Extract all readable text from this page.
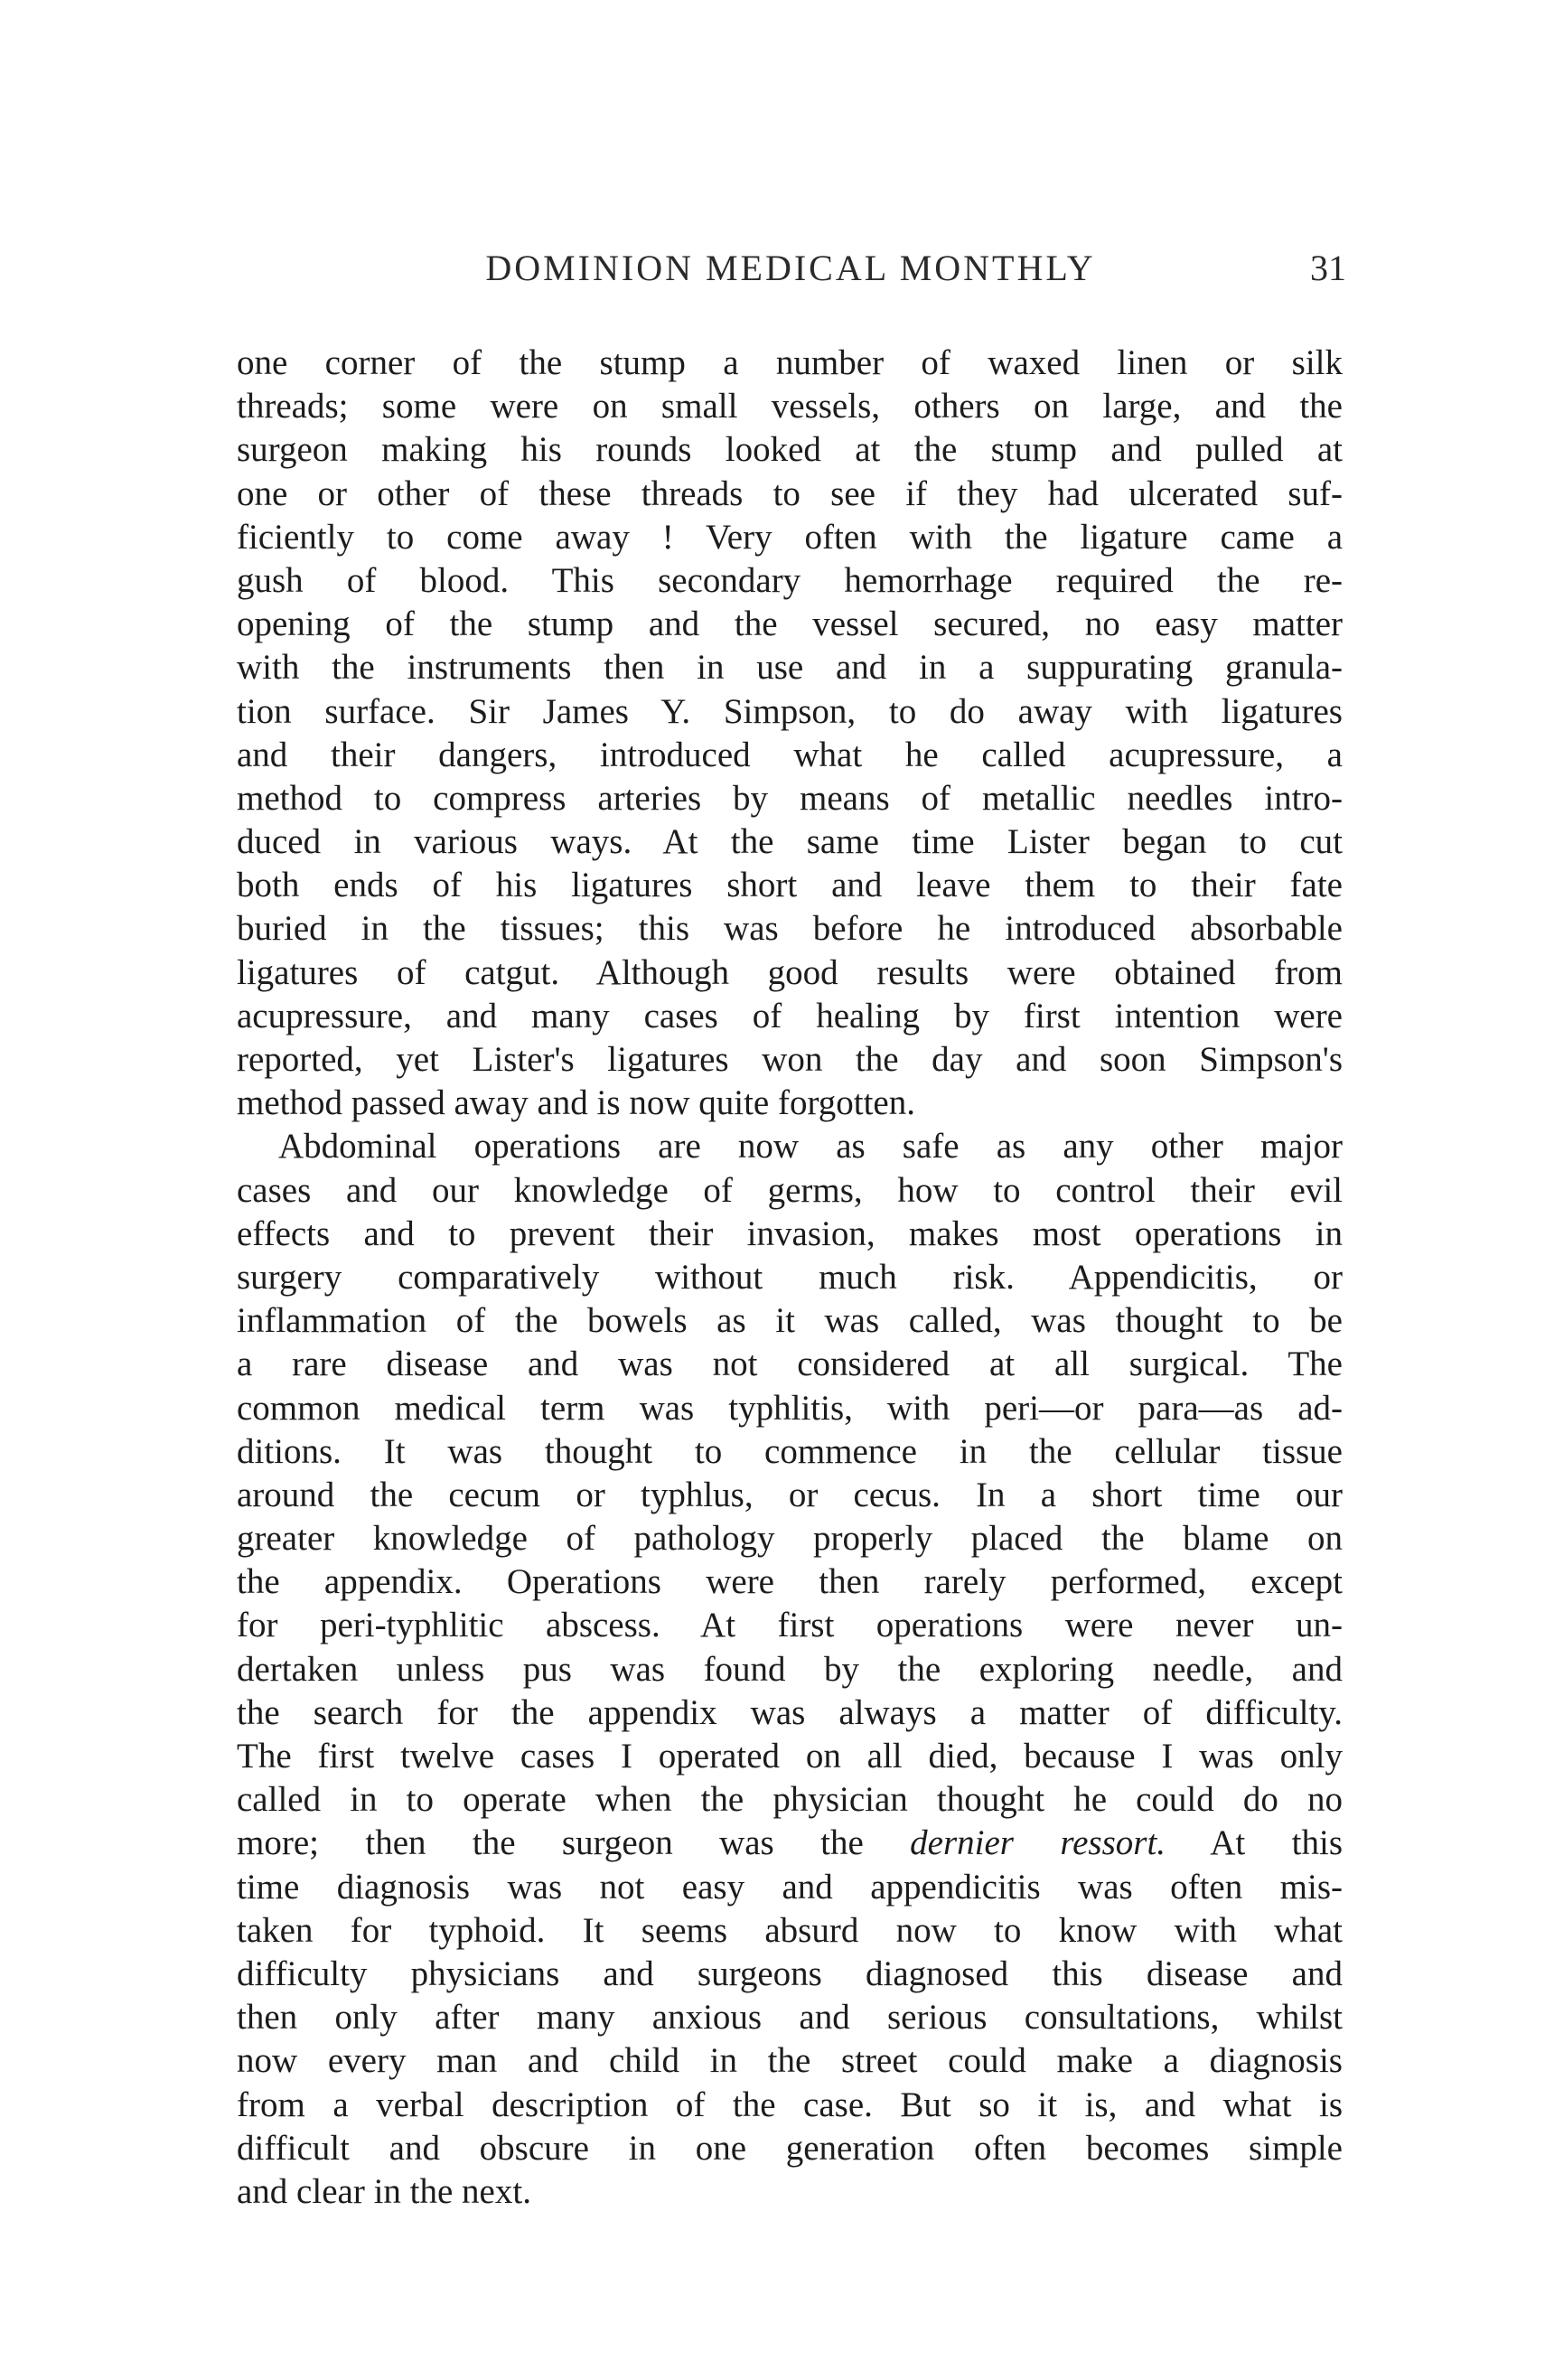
DOMINION MEDICAL MONTHLY	31
one corner of the stump a number of waxed linen or silk
threads; some were on small vessels, others on large, and the
surgeon making his rounds looked at the stump and pulled at
one or other of these threads to see if they had ulcerated suf-
ficiently to come away ! Very often with the ligature came a
gush of blood. This secondary hemorrhage required the re-
opening of the stump and the vessel secured, no easy matter
with the instruments then in use and in a suppurating granula-
tion surface. Sir James Y. Simpson, to do away with ligatures
and their dangers, introduced what he called acupressure, a
method to compress arteries by means of metallic needles intro-
duced in various ways. At the same time Lister began to cut
both ends of his ligatures short and leave them to their fate
buried in the tissues; this was before he introduced absorbable
ligatures of catgut. Although good results were obtained from
acupressure, and many cases of healing by first intention were
reported, yet Lister's ligatures won the day and soon Simpson's
method passed away and is now quite forgotten.
Abdominal operations are now as safe as any other major
cases and our knowledge of germs, how to control their evil
effects and to prevent their invasion, makes most operations in
surgery comparatively without much risk. Appendicitis, or
inflammation of the bowels as it was called, was thought to be
a rare disease and was not considered at all surgical. The
common medical term was typhlitis, with peri—or para—as ad-
ditions. It was thought to commence in the cellular tissue
around the cecum or typhlus, or cecus. In a short time our
greater knowledge of pathology properly placed the blame on
the appendix. Operations were then rarely performed, except
for peri-typhlitic abscess. At first operations were never un-
dertaken unless pus was found by the exploring needle, and
the search for the appendix was always a matter of difficulty.
The first twelve cases I operated on all died, because I was only
called in to operate when the physician thought he could do no
more; then the surgeon was the dernier ressort. At this
time diagnosis was not easy and appendicitis was often mis-
taken for typhoid. It seems absurd now to know with what
difficulty physicians and surgeons diagnosed this disease and
then only after many anxious and serious consultations, whilst
now every man and child in the street could make a diagnosis
from a verbal description of the case. But so it is, and what is
difficult and obscure in one generation often becomes simple
and clear in the next.
